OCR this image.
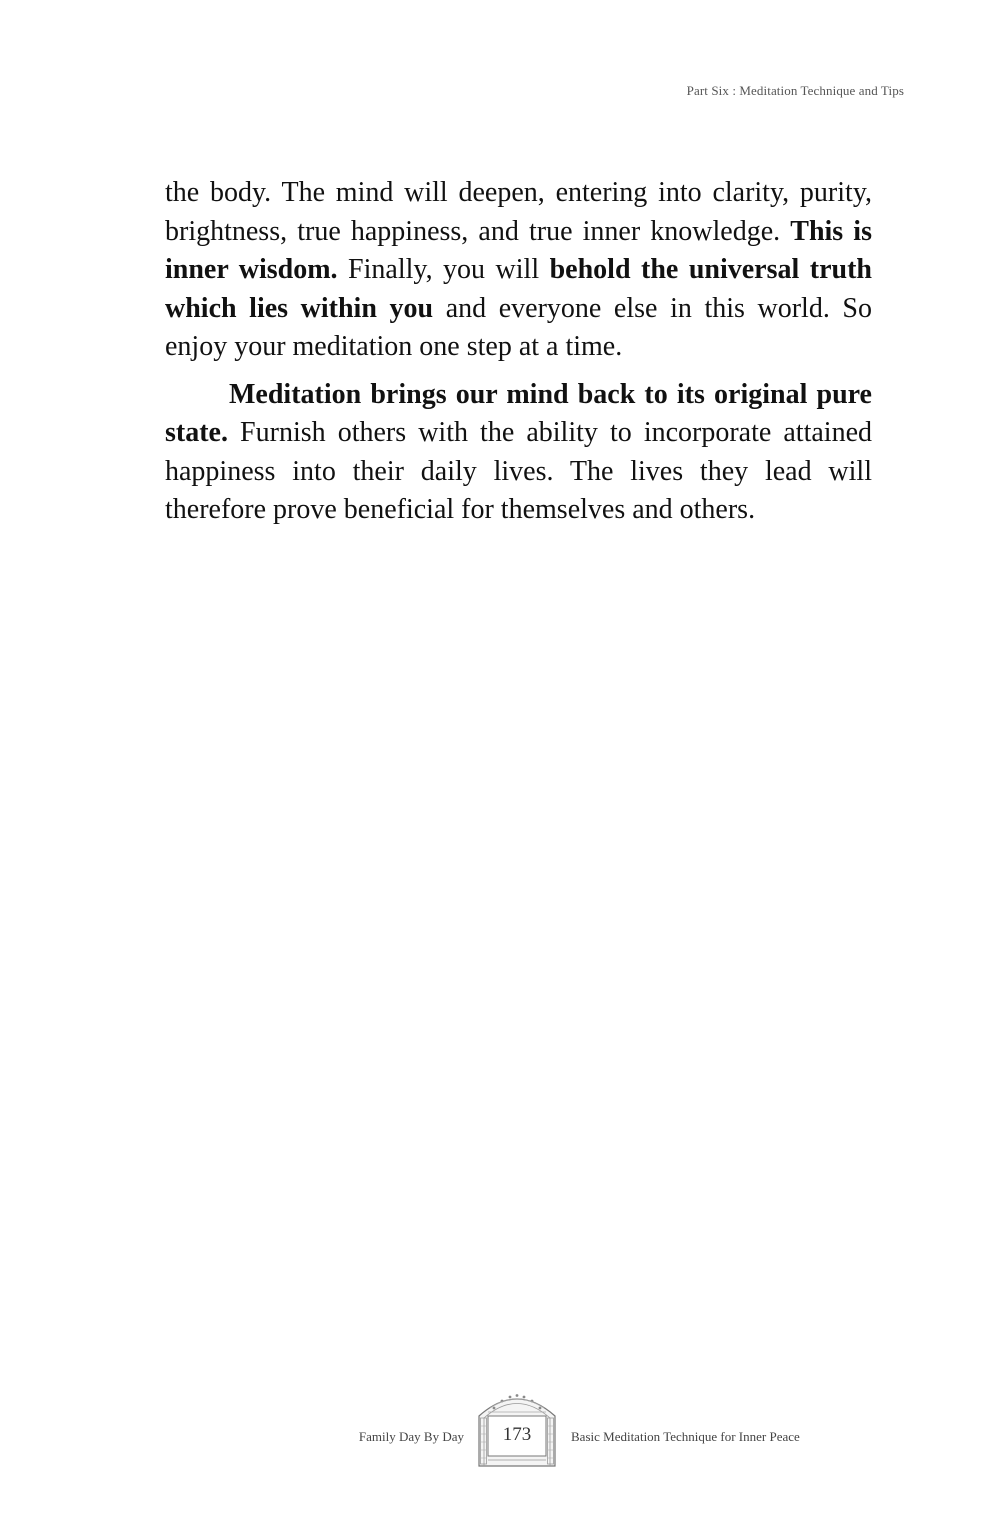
Part Six : Meditation Technique and Tips

the body. The mind will deepen, entering into clarity, purity, brightness, true happiness, and true inner knowledge. This is inner wisdom. Finally, you will behold the universal truth which lies within you and everyone else in this world. So enjoy your meditation one step at a time.

Meditation brings our mind back to its original pure state. Furnish others with the ability to incorporate attained happiness into their daily lives. The lives they lead will therefore prove beneficial for themselves and others.

Family Day By Day	173	Basic Meditation Technique for Inner Peace
